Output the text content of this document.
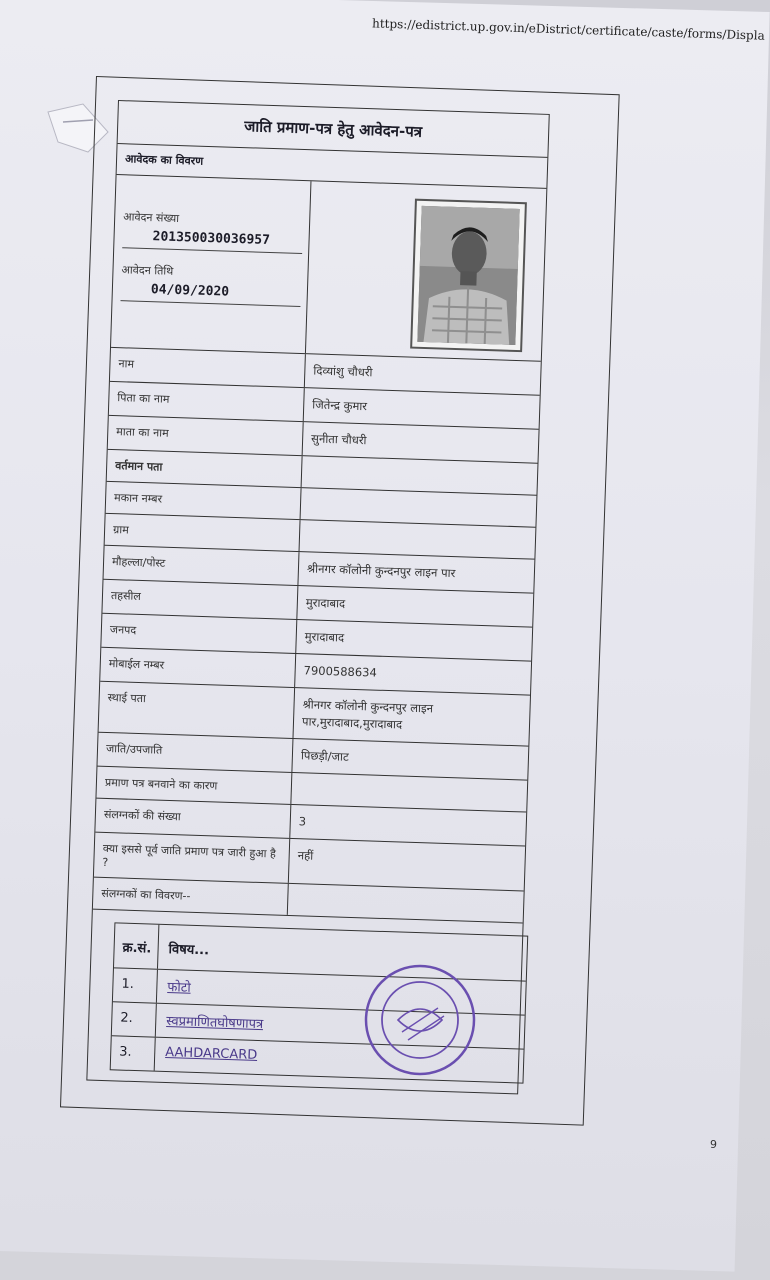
https://edistrict.up.gov.in/eDistrict/certificate/caste/forms/Displa
जाति प्रमाण-पत्र हेतु आवेदन-पत्र
आवेदक का विवरण
आवेदन संख्या
201350030036957
आवेदन तिथि
04/09/2020
नाम	दिव्यांशु चौधरी
पिता का नाम	जितेन्द्र कुमार
माता का नाम	सुनीता चौधरी
वर्तमान पता
मकान नम्बर
ग्राम
मौहल्ला/पोस्ट	श्रीनगर कॉलोनी कुन्दनपुर लाइन पार
तहसील	मुरादाबाद
जनपद	मुरादाबाद
मोबाईल नम्बर	7900588634
स्थाई पता	श्रीनगर कॉलोनी कुन्दनपुर लाइन पार,मुरादाबाद,मुरादाबाद
जाति/उपजाति	पिछड़ी/जाट
प्रमाण पत्र बनवाने का कारण
संलग्नकों की संख्या	3
क्या इससे पूर्व जाति प्रमाण पत्र जारी हुआ है ?	नहीं
संलग्नकों का विवरण--
क्र.सं.	विषय...
1.	फोटो
2.	स्वप्रमाणितघोषणापत्र
3.	AAHDARCARD
9
